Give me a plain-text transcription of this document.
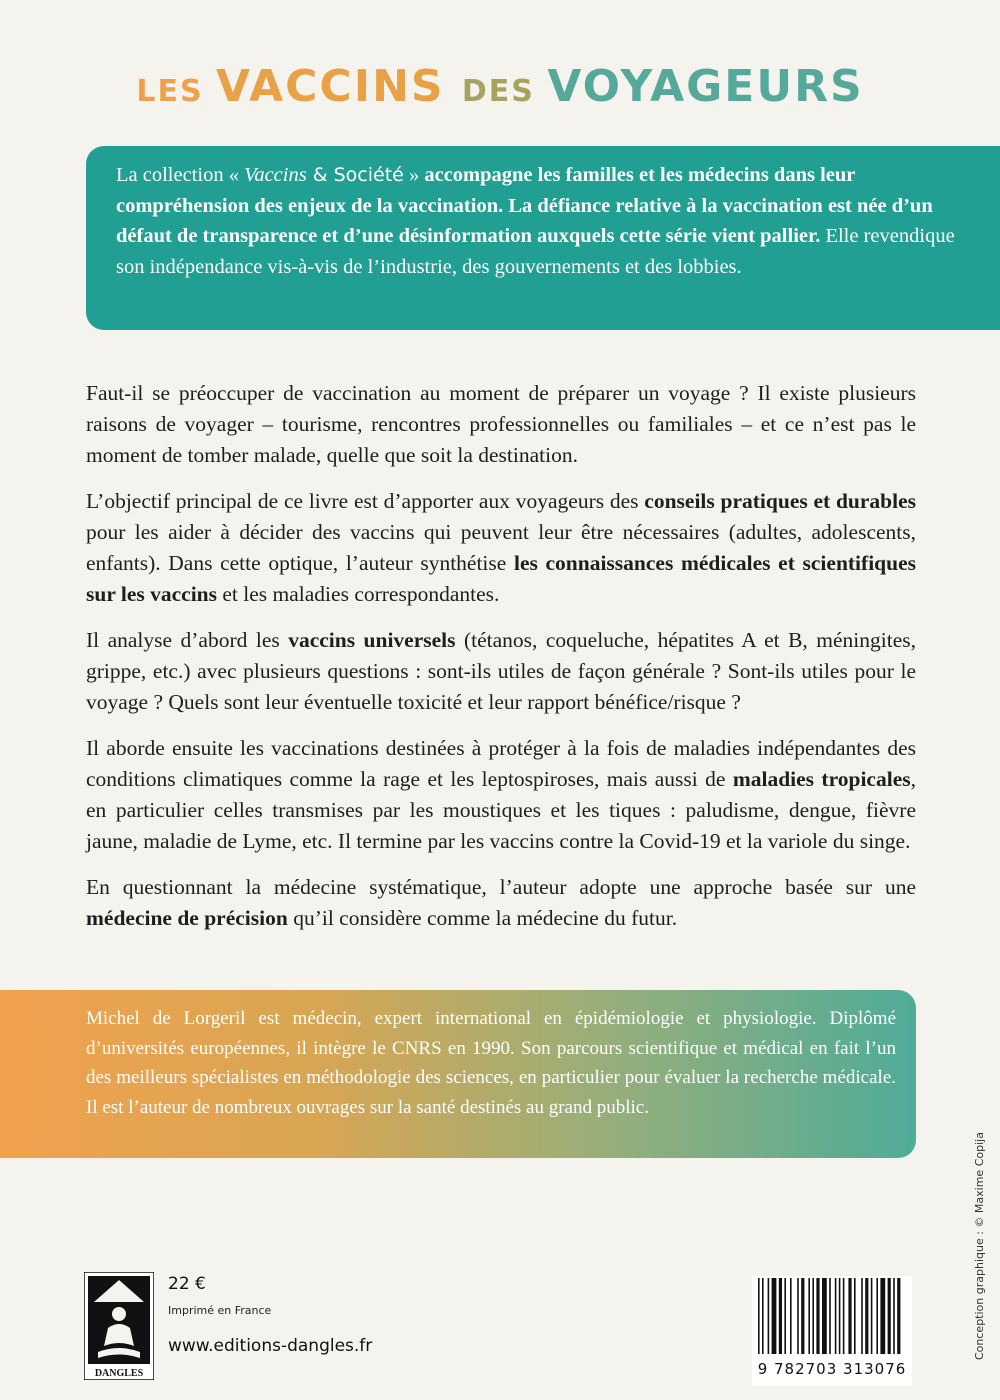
LES VACCINS DES VOYAGEURS
La collection « Vaccins & Société » accompagne les familles et les médecins dans leur compréhension des enjeux de la vaccination. La défiance relative à la vaccination est née d’un défaut de transparence et d’une désinformation auxquels cette série vient pallier. Elle revendique son indépendance vis-à-vis de l’industrie, des gouvernements et des lobbies.

Faut-il se préoccuper de vaccination au moment de préparer un voyage ? Il existe plusieurs raisons de voyager – tourisme, rencontres professionnelles ou familiales – et ce n’est pas le moment de tomber malade, quelle que soit la destination.

L’objectif principal de ce livre est d’apporter aux voyageurs des conseils pratiques et durables pour les aider à décider des vaccins qui peuvent leur être nécessaires (adultes, adolescents, enfants). Dans cette optique, l’auteur synthétise les connaissances médicales et scientifiques sur les vaccins et les maladies correspondantes.

Il analyse d’abord les vaccins universels (tétanos, coqueluche, hépatites A et B, méningites, grippe, etc.) avec plusieurs questions : sont-ils utiles de façon générale ? Sont-ils utiles pour le voyage ? Quels sont leur éventuelle toxicité et leur rapport bénéfice/risque ?

Il aborde ensuite les vaccinations destinées à protéger à la fois de maladies indépendantes des conditions climatiques comme la rage et les leptospiroses, mais aussi de maladies tropicales, en particulier celles transmises par les moustiques et les tiques : paludisme, dengue, fièvre jaune, maladie de Lyme, etc. Il termine par les vaccins contre la Covid-19 et la variole du singe.

En questionnant la médecine systématique, l’auteur adopte une approche basée sur une médecine de précision qu’il considère comme la médecine du futur.

Michel de Lorgeril est médecin, expert international en épidémiologie et physiologie. Diplômé d’universités européennes, il intègre le CNRS en 1990. Son parcours scientifique et médical en fait l’un des meilleurs spécialistes en méthodologie des sciences, en particulier pour évaluer la recherche médicale. Il est l’auteur de nombreux ouvrages sur la santé destinés au grand public.
Conception graphique : © Maxime Copija
DANGLES
22 €
Imprimé en France
www.editions-dangles.fr
9 782703 313076
